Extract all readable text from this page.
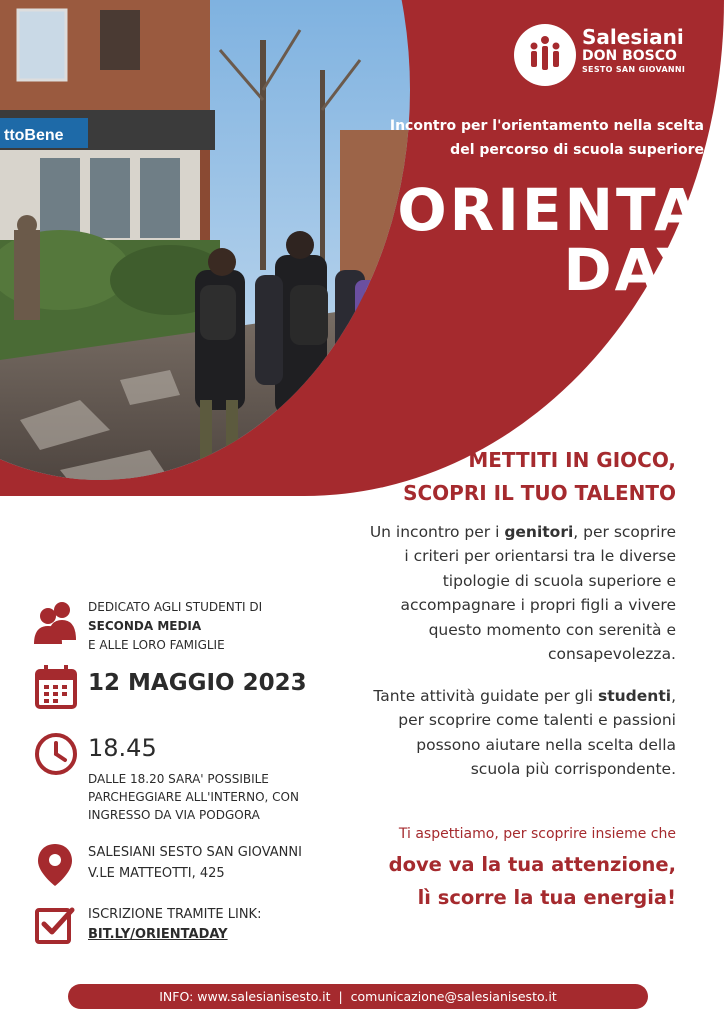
ttoBene
Salesiani
DON BOSCO
SESTO SAN GIOVANNI
Incontro per l'orientamento nella scelta
del percorso di scuola superiore
ORIENTA
DAY
METTITI IN GIOCO,
SCOPRI IL TUO TALENTO
Un incontro per i genitori, per scoprire
i criteri per orientarsi tra le diverse
tipologie di scuola superiore e
accompagnare i propri figli a vivere
questo momento con serenità e
consapevolezza.
Tante attività guidate per gli studenti,
per scoprire come talenti e passioni
possono aiutare nella scelta della
scuola più corrispondente.
Ti aspettiamo, per scoprire insieme che
dove va la tua attenzione,
lì scorre la tua energia!
DEDICATO AGLI STUDENTI DI
SECONDA MEDIA
E ALLE LORO FAMIGLIE
12 MAGGIO 2023
18.45
DALLE 18.20 SARA' POSSIBILE
PARCHEGGIARE ALL'INTERNO, CON
INGRESSO DA VIA PODGORA
SALESIANI SESTO SAN GIOVANNI
V.LE MATTEOTTI, 425
ISCRIZIONE TRAMITE LINK:
BIT.LY/ORIENTADAY
INFO: www.salesianisesto.it  |  comunicazione@salesianisesto.it
